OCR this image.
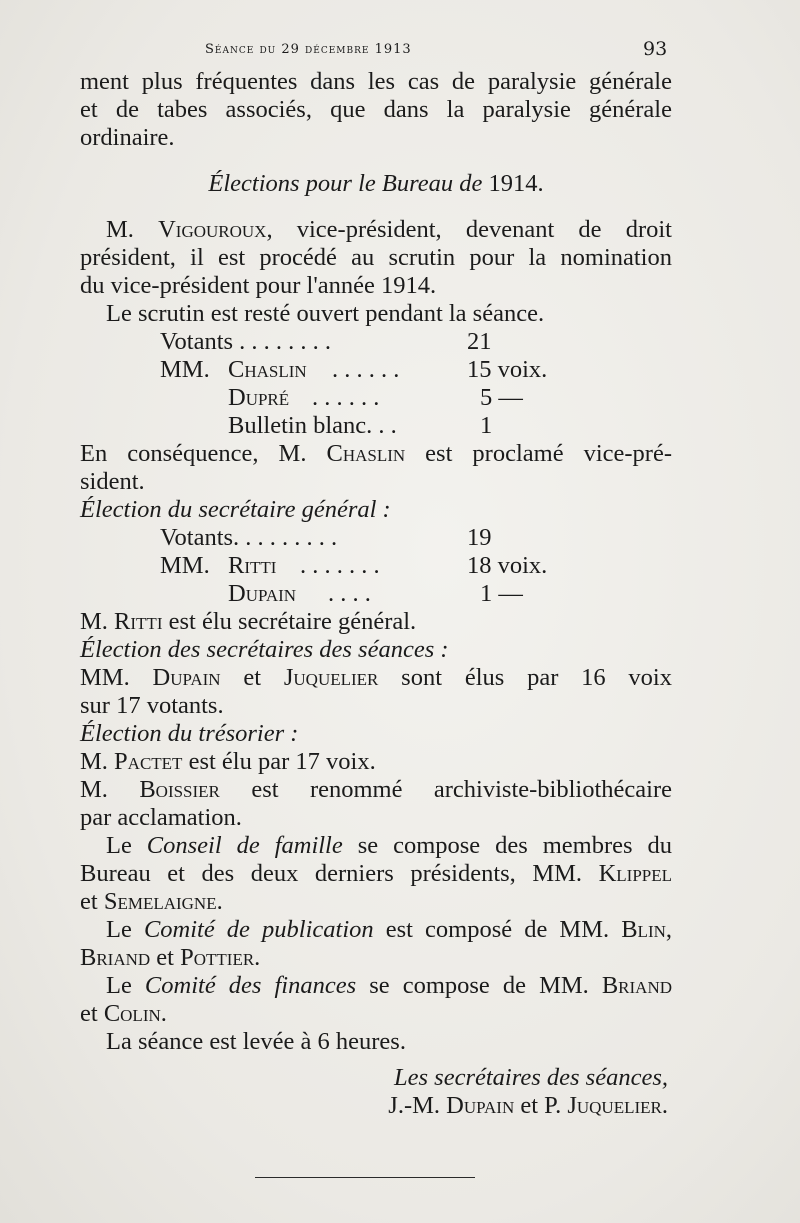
Séance du 29 décembre 1913	93
ment plus fréquentes dans les cas de paralysie générale
et de tabes associés, que dans la paralysie générale
ordinaire.
Élections pour le Bureau de 1914.
M. Vigouroux, vice-président, devenant de droit
président, il est procédé au scrutin pour la nomination
du vice-président pour l'année 1914.
Le scrutin est resté ouvert pendant la séance.
Votants . . . . . . . .	21
MM. Chaslin . . . . . .	15 voix.
Dupré . . . . . .	5 —
Bulletin blanc. . .	1
En conséquence, M. Chaslin est proclamé vice-pré-
sident.
Élection du secrétaire général :
Votants. . . . . . . . .	19
MM. Ritti . . . . . . .	18 voix.
Dupain . . . .	1 —
M. Ritti est élu secrétaire général.
Élection des secrétaires des séances :
MM. Dupain et Juquelier sont élus par 16 voix
sur 17 votants.
Élection du trésorier :
M. Pactet est élu par 17 voix.
M. Boissier est renommé archiviste-bibliothécaire
par acclamation.
Le Conseil de famille se compose des membres du
Bureau et des deux derniers présidents, MM. Klippel
et Semelaigne.
Le Comité de publication est composé de MM. Blin,
Briand et Pottier.
Le Comité des finances se compose de MM. Briand
et Colin.
La séance est levée à 6 heures.
Les secrétaires des séances,
J.-M. Dupain et P. Juquelier.
